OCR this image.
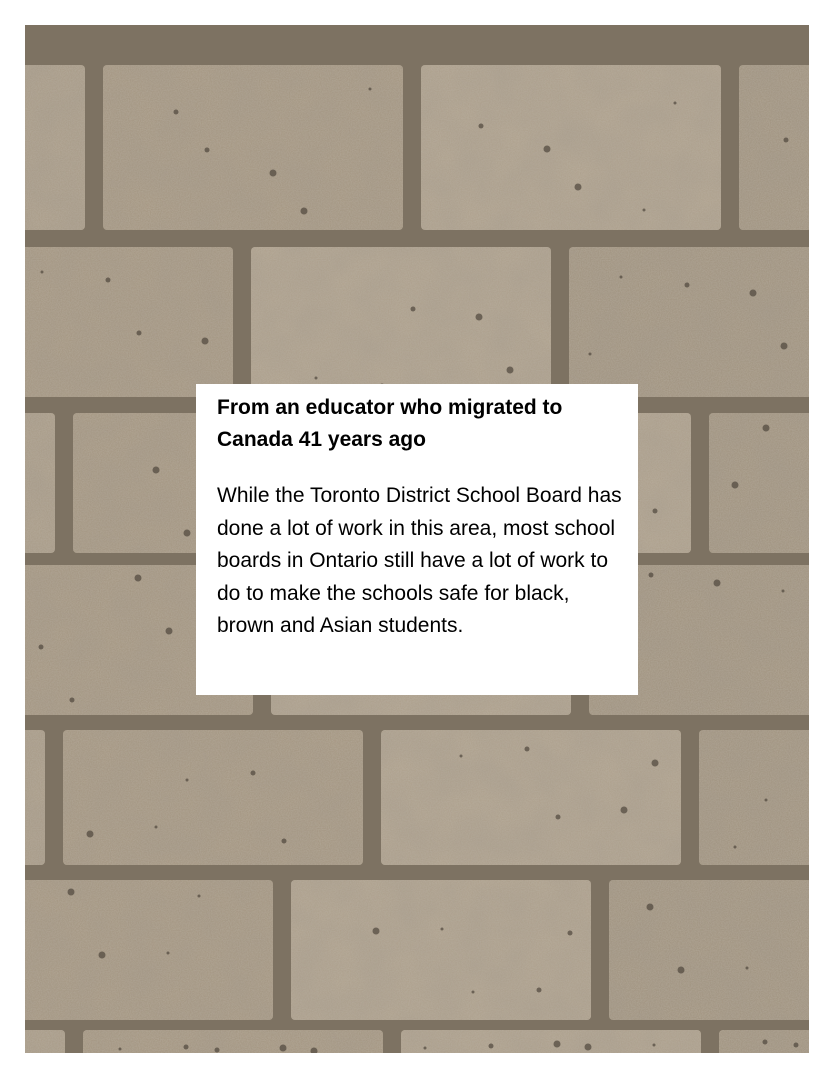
From an educator who migrated to Canada 41 years ago

While the Toronto District School Board has done a lot of work in this area, most school boards in Ontario still have a lot of work to do to make the schools safe for black, brown and Asian students.
